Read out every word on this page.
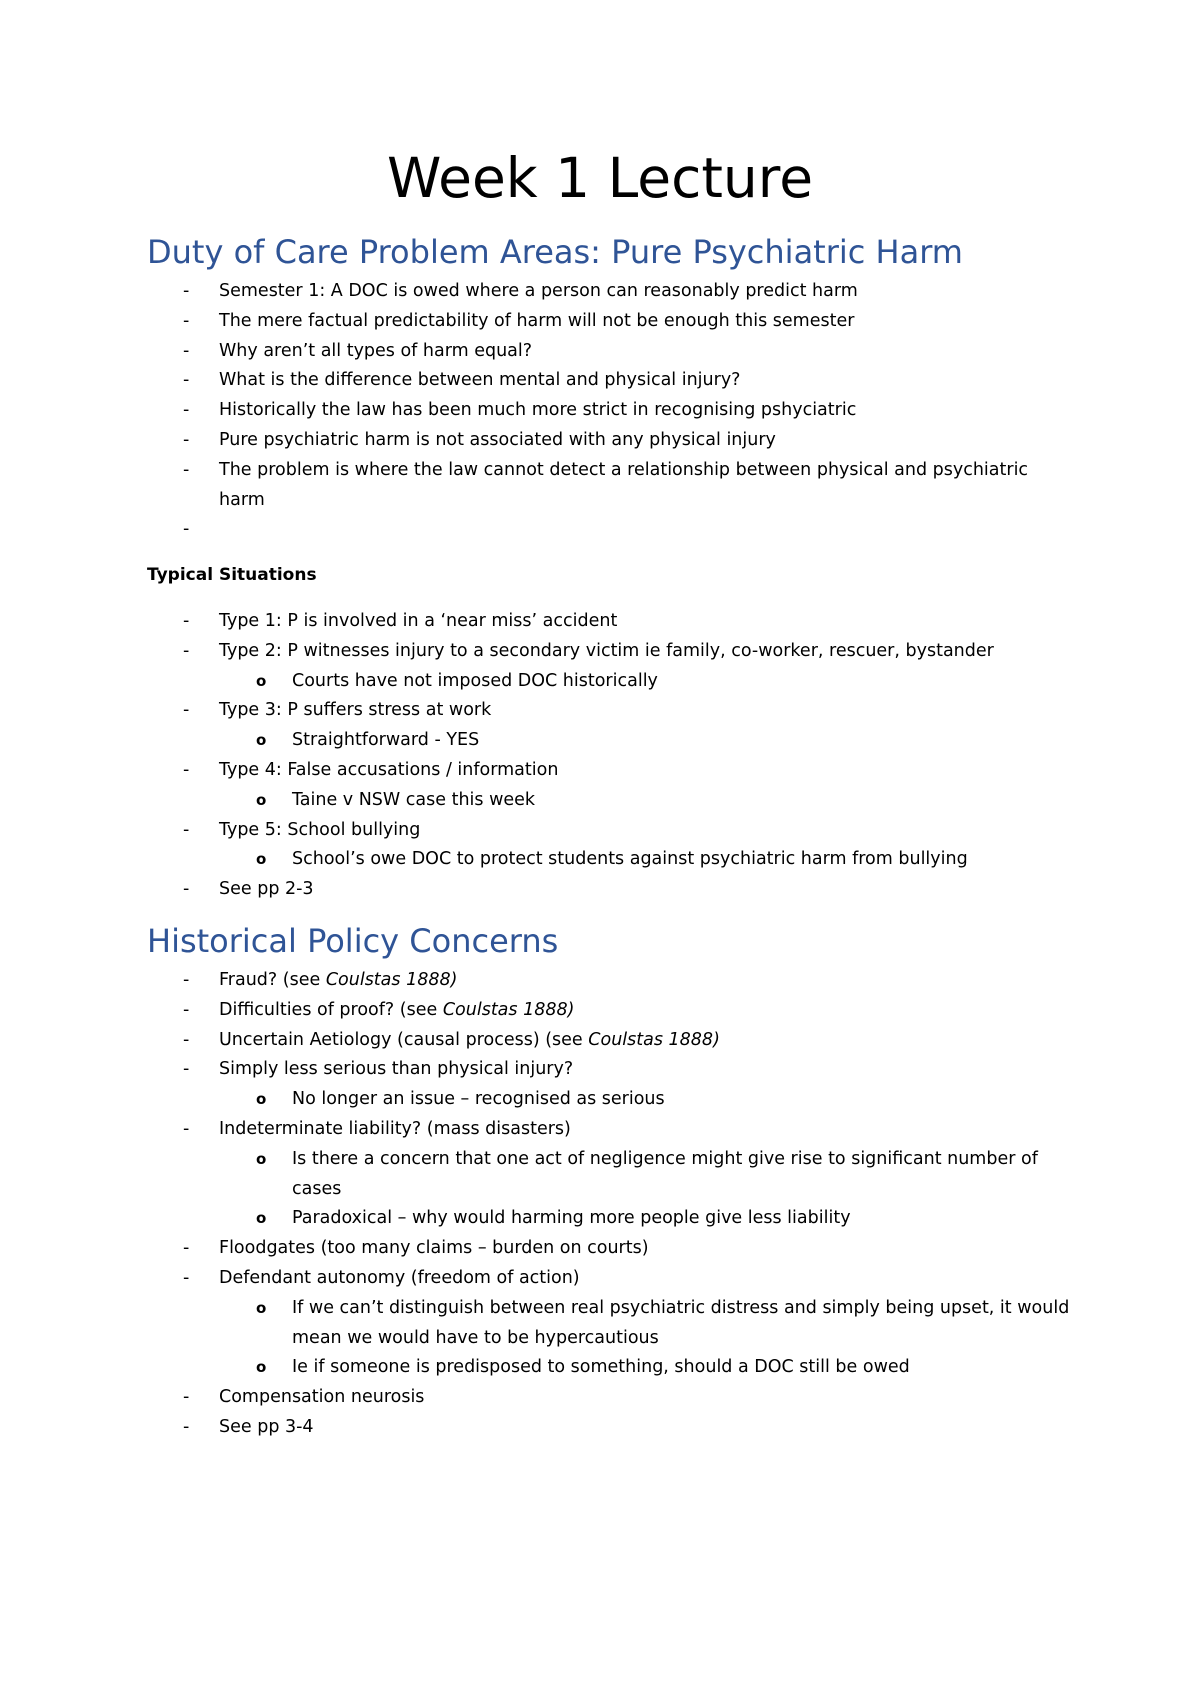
Week 1 Lecture
Duty of Care Problem Areas: Pure Psychiatric Harm
- Semester 1: A DOC is owed where a person can reasonably predict harm
- The mere factual predictability of harm will not be enough this semester
- Why aren’t all types of harm equal?
- What is the difference between mental and physical injury?
- Historically the law has been much more strict in recognising pshyciatric
- Pure psychiatric harm is not associated with any physical injury
- The problem is where the law cannot detect a relationship between physical and psychiatric harm
-
Typical Situations
- Type 1: P is involved in a ‘near miss’ accident
- Type 2: P witnesses injury to a secondary victim ie family, co-worker, rescuer, bystander
o Courts have not imposed DOC historically
- Type 3: P suffers stress at work
o Straightforward - YES
- Type 4: False accusations / information
o Taine v NSW case this week
- Type 5: School bullying
o School’s owe DOC to protect students against psychiatric harm from bullying
- See pp 2-3
Historical Policy Concerns
- Fraud? (see Coulstas 1888)
- Difficulties of proof? (see Coulstas 1888)
- Uncertain Aetiology (causal process) (see Coulstas 1888)
- Simply less serious than physical injury?
o No longer an issue – recognised as serious
- Indeterminate liability? (mass disasters)
o Is there a concern that one act of negligence might give rise to significant number of cases
o Paradoxical – why would harming more people give less liability
- Floodgates (too many claims – burden on courts)
- Defendant autonomy (freedom of action)
o If we can’t distinguish between real psychiatric distress and simply being upset, it would mean we would have to be hypercautious
o Ie if someone is predisposed to something, should a DOC still be owed
- Compensation neurosis
- See pp 3-4
